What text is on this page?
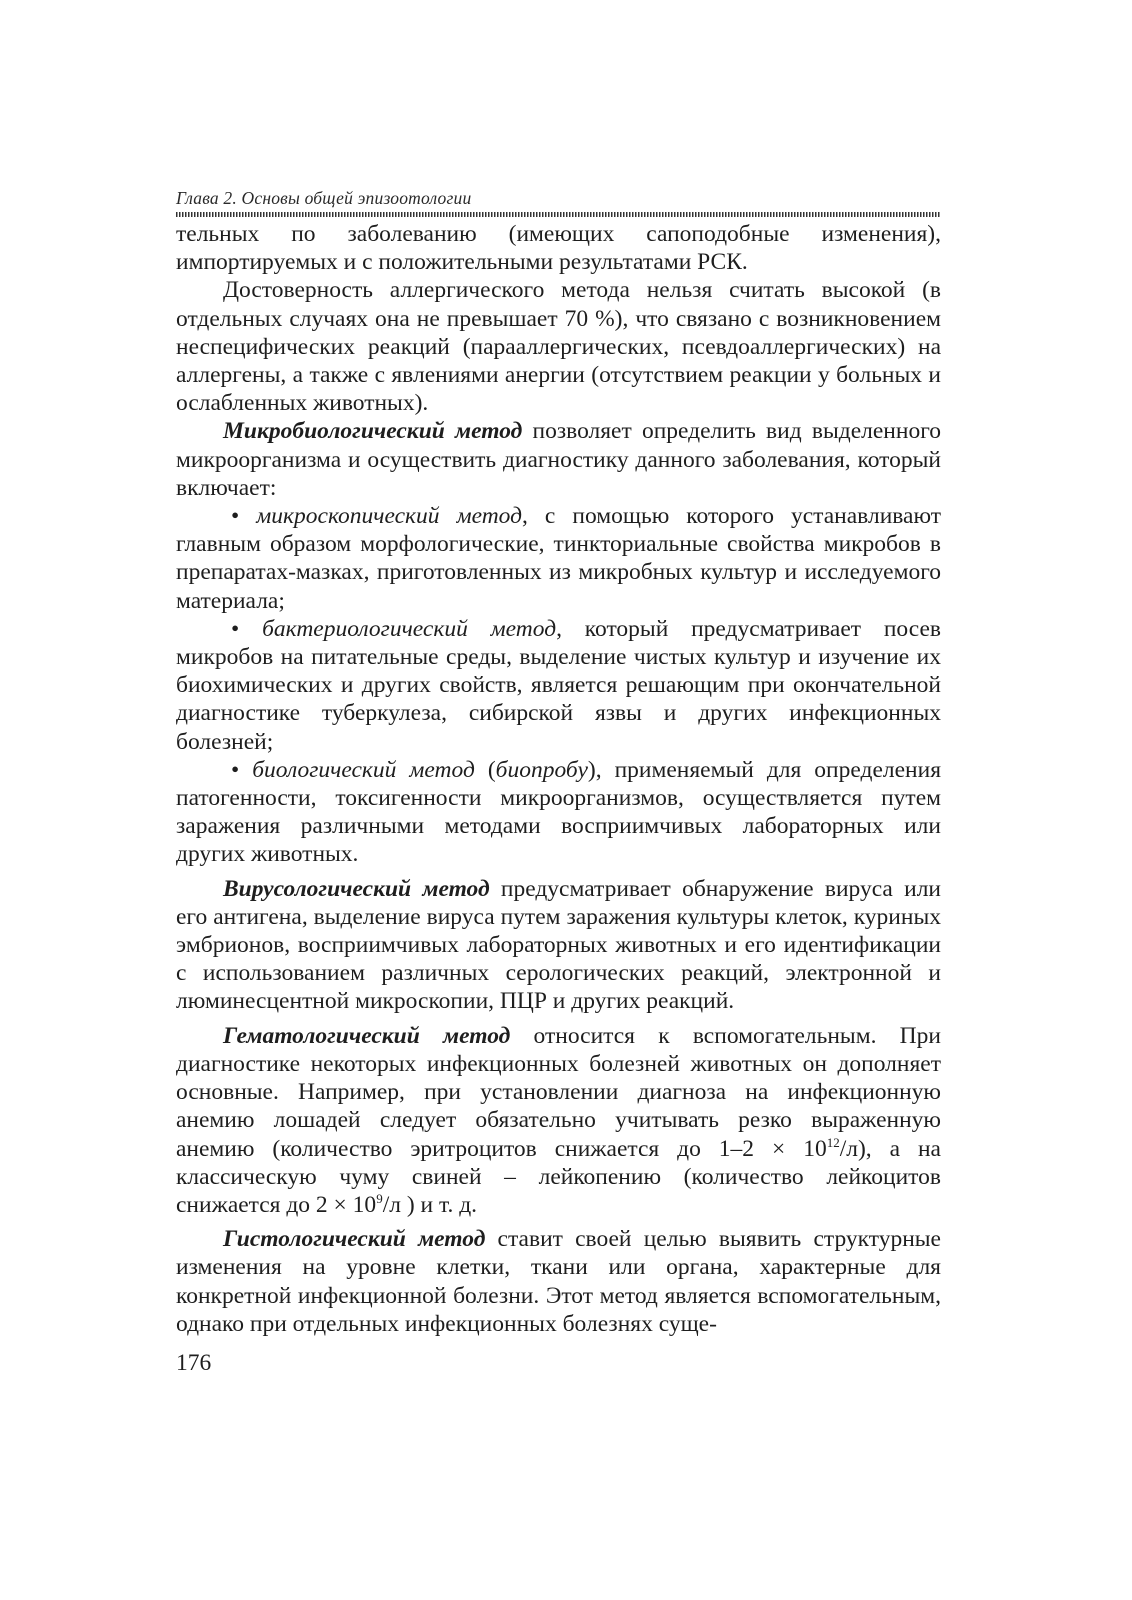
Глава 2. Основы общей эпизоотологии

тельных по заболеванию (имеющих сапоподобные изменения), импортируемых и с положительными результатами РСК.

Достоверность аллергического метода нельзя считать высокой (в отдельных случаях она не превышает 70 %), что связано с возникновением неспецифических реакций (парааллергических, псевдоаллергических) на аллергены, а также с явлениями анергии (отсутствием реакции у больных и ослабленных животных).

Микробиологический метод позволяет определить вид выделенного микроорганизма и осуществить диагностику данного заболевания, который включает:

• микроскопический метод, с помощью которого устанавливают главным образом морфологические, тинкториальные свойства микробов в препаратах-мазках, приготовленных из микробных культур и исследуемого материала;

• бактериологический метод, который предусматривает посев микробов на питательные среды, выделение чистых культур и изучение их биохимических и других свойств, является решающим при окончательной диагностике туберкулеза, сибирской язвы и других инфекционных болезней;

• биологический метод (биопробу), применяемый для определения патогенности, токсигенности микроорганизмов, осуществляется путем заражения различными методами восприимчивых лабораторных или других животных.

Вирусологический метод предусматривает обнаружение вируса или его антигена, выделение вируса путем заражения культуры клеток, куриных эмбрионов, восприимчивых лабораторных животных и его идентификации с использованием различных серологических реакций, электронной и люминесцентной микроскопии, ПЦР и других реакций.

Гематологический метод относится к вспомогательным. При диагностике некоторых инфекционных болезней животных он дополняет основные. Например, при установлении диагноза на инфекционную анемию лошадей следует обязательно учитывать резко выраженную анемию (количество эритроцитов снижается до $1-2 \times 10^{12}/л$), а на классическую чуму свиней – лейкопению (количество лейкоцитов снижается до $2 \times 10^9/л$ ) и т. д.

Гистологический метод ставит своей целью выявить структурные изменения на уровне клетки, ткани или органа, характерные для конкретной инфекционной болезни. Этот метод является вспомогательным, однако при отдельных инфекционных болезнях суще-

176
